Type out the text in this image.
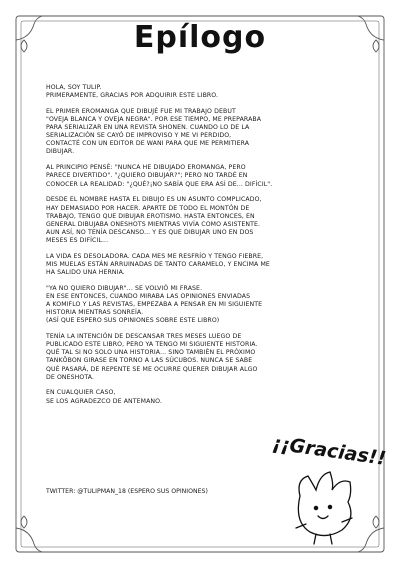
Epílogo

HOLA, SOY TULIP.
PRIMERAMENTE, GRACIAS POR ADQUIRIR ESTE LIBRO.

EL PRIMER EROMANGA QUE DIBUJÉ FUE MI TRABAJO DEBUT
"OVEJA BLANCA Y OVEJA NEGRA". POR ESE TIEMPO, ME PREPARABA
PARA SERIALIZAR EN UNA REVISTA SHONEN. CUANDO LO DE LA
SERIALIZACIÓN SE CAYÓ DE IMPROVISO Y ME VI PERDIDO,
CONTACTÉ CON UN EDITOR DE WANI PARA QUE ME PERMITIERA
DIBUJAR.

AL PRINCIPIO PENSÉ: "NUNCA HE DIBUJADO EROMANGA, PERO
PARECE DIVERTIDO". "¿QUIERO DIBUJAR?"; PERO NO TARDÉ EN
CONOCER LA REALIDAD: "¿QUÉ?¡NO SABÍA QUE ERA ASÍ DE... DIFÍCIL".

DESDE EL NOMBRE HASTA EL DIBUJO ES UN ASUNTO COMPLICADO,
HAY DEMASIADO POR HACER. APARTE DE TODO EL MONTÓN DE
TRABAJO, TENGO QUE DIBUJAR EROTISMO. HASTA ENTONCES, EN
GENERAL DIBUJABA ONESHOTS MIENTRAS VIVÍA COMO ASISTENTE.
AUN ASÍ, NO TENÍA DESCANSO... Y ES QUE DIBUJAR UNO EN DOS
MESES ES DIFÍCIL...

LA VIDA ES DESOLADORA. CADA MES ME RESFRÍO Y TENGO FIEBRE,
MIS MUELAS ESTÁN ARRUINADAS DE TANTO CARAMELO, Y ENCIMA ME
HA SALIDO UNA HERNIA.

"YA NO QUIERO DIBUJAR"... SE VOLVIÓ MI FRASE.
EN ESE ENTONCES, CUANDO MIRABA LAS OPINIONES ENVIADAS
A KOMIFLO Y LAS REVISTAS, EMPEZABA A PENSAR EN MI SIGUIENTE
HISTORIA MIENTRAS SONREÍA.
(ASÍ QUE ESPERO SUS OPINIONES SOBRE ESTE LIBRO)

TENÍA LA INTENCIÓN DE DESCANSAR TRES MESES LUEGO DE
PUBLICADO ESTE LIBRO, PERO YA TENGO MI SIGUIENTE HISTORIA.
QUÉ TAL SI NO SOLO UNA HISTORIA... SINO TAMBIÉN EL PRÓXIMO
TANKŌBON GIRASE EN TORNO A LAS SÚCUBOS. NUNCA SE SABE
QUÉ PASARÁ, DE REPENTE SE ME OCURRE QUERER DIBUJAR ALGO
DE ONESHOTA.

EN CUALQUIER CASO,
SE LOS AGRADEZCO DE ANTEMANO.

TWITTER: @TULIPMAN_18 (ESPERO SUS OPINIONES)
¡¡Gracias!!
